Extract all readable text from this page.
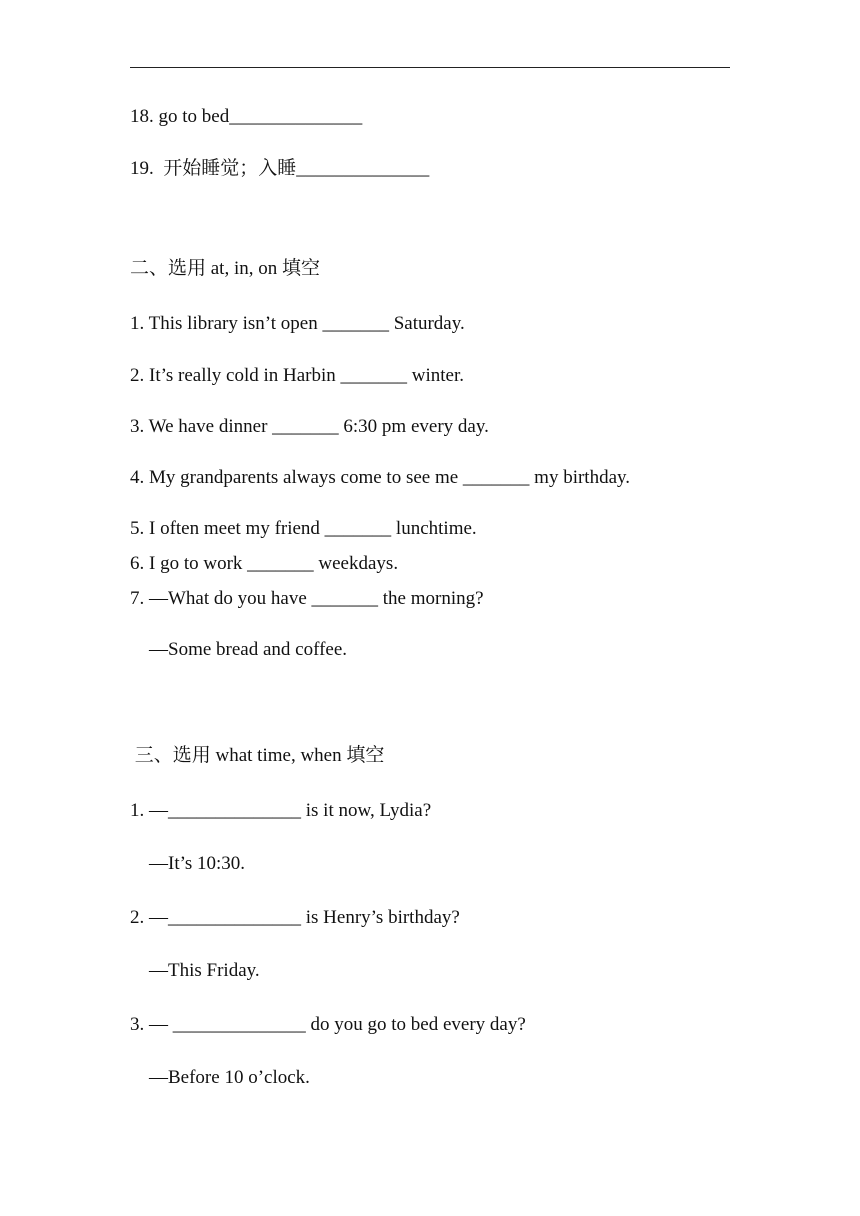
18. go to bed______________
19.  开始睡觉；入睡______________
二、选用 at, in, on 填空
1. This library isn’t open _______ Saturday.
2. It’s really cold in Harbin _______ winter.
3. We have dinner _______ 6:30 pm every day.
4. My grandparents always come to see me _______ my birthday.
5. I often meet my friend _______ lunchtime.
6. I go to work _______ weekdays.
7. —What do you have _______ the morning?
—Some bread and coffee.
三、选用 what time, when 填空
1. —______________ is it now, Lydia?
—It’s 10:30.
2. —______________ is Henry’s birthday?
—This Friday.
3. — ______________ do you go to bed every day?
—Before 10 o’clock.
